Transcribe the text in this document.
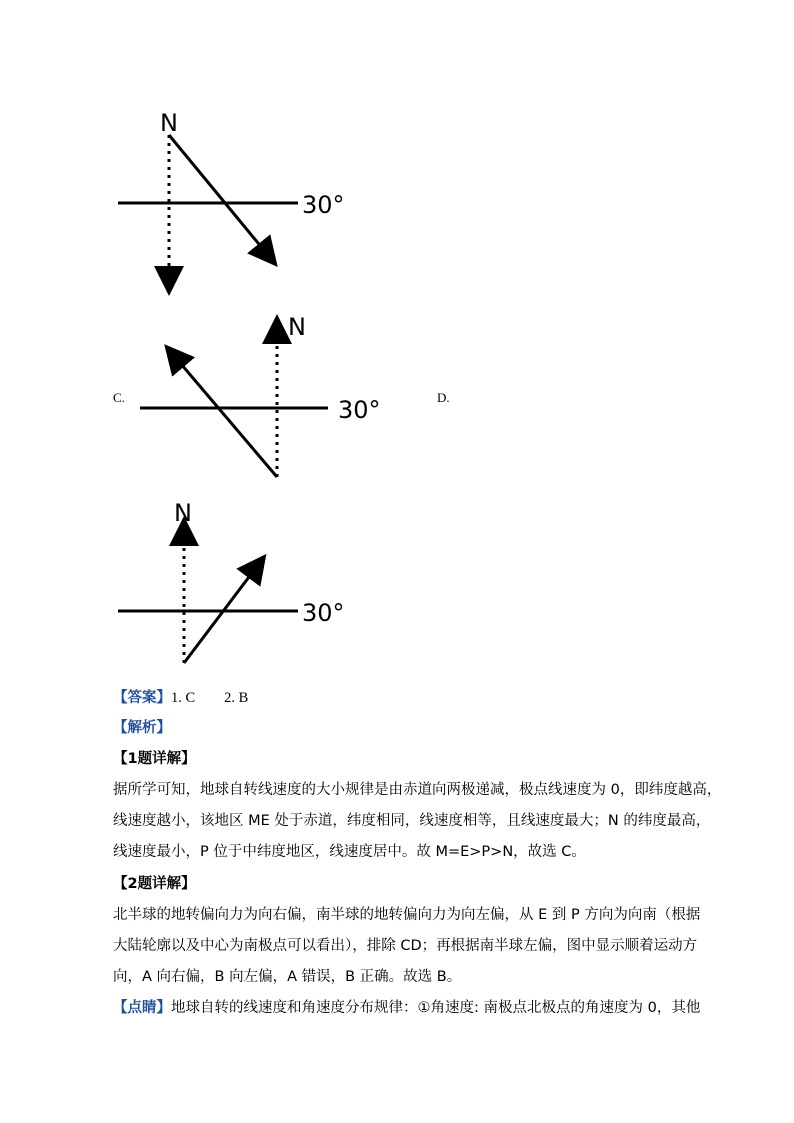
N
30°
C.	D.
N
30°
N
30°
【答案】1. C　　2. B
【解析】
【1题详解】
据所学可知，地球自转线速度的大小规律是由赤道向两极递减，极点线速度为 0，即纬度越高，
线速度越小，该地区 ME 处于赤道，纬度相同，线速度相等，且线速度最大；N 的纬度最高，
线速度最小，P 位于中纬度地区，线速度居中。故 M=E>P>N，故选 C。
【2题详解】
北半球的地转偏向力为向右偏，南半球的地转偏向力为向左偏，从 E 到 P 方向为向南（根据
大陆轮廓以及中心为南极点可以看出），排除 CD；再根据南半球左偏，图中显示顺着运动方
向，A 向右偏，B 向左偏，A 错误，B 正确。故选 B。
【点睛】地球自转的线速度和角速度分布规律：①角速度: 南极点北极点的角速度为 0，其他
